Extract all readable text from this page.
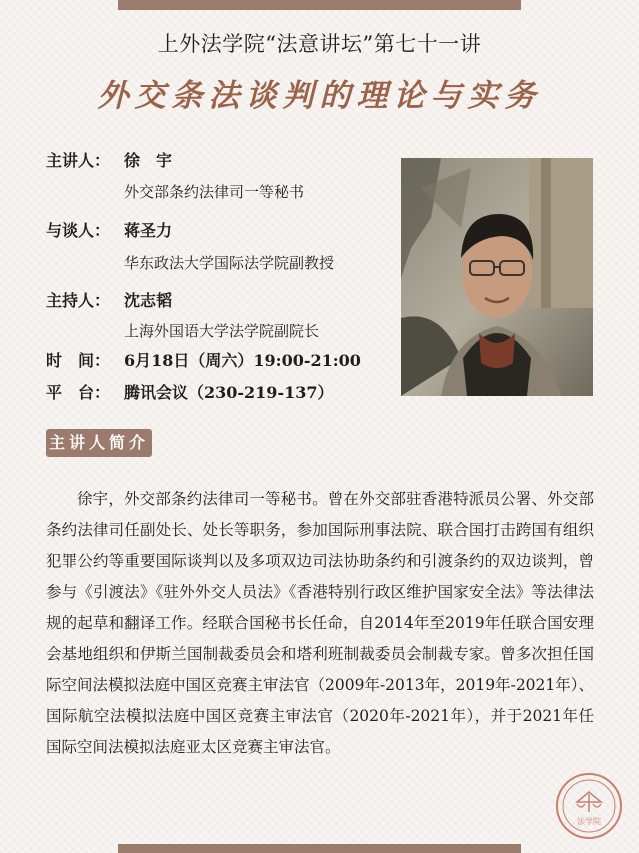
上外法学院“法意讲坛”第七十一讲
外交条法谈判的理论与实务
主讲人： 徐　宇
外交部条约法律司一等秘书
与谈人： 蒋圣力
华东政法大学国际法学院副教授
主持人： 沈志韬
上海外国语大学法学院副院长
时　间： 6月18日（周六）19:00-21:00
平　台： 腾讯会议（230-219-137）
主讲人简介
徐宇，外交部条约法律司一等秘书。曾在外交部驻香港特派员公署、外交部条约法律司任副处长、处长等职务，参加国际刑事法院、联合国打击跨国有组织犯罪公约等重要国际谈判以及多项双边司法协助条约和引渡条约的双边谈判，曾参与《引渡法》《驻外外交人员法》《香港特别行政区维护国家安全法》等法律法规的起草和翻译工作。经联合国秘书长任命，自2014年至2019年任联合国安理会基地组织和伊斯兰国制裁委员会和塔利班制裁委员会制裁专家。曾多次担任国际空间法模拟法庭中国区竞赛主审法官（2009年-2013年，2019年-2021年）、国际航空法模拟法庭中国区竞赛主审法官（2020年-2021年），并于2021年任国际空间法模拟法庭亚太区竞赛主审法官。
法学院
